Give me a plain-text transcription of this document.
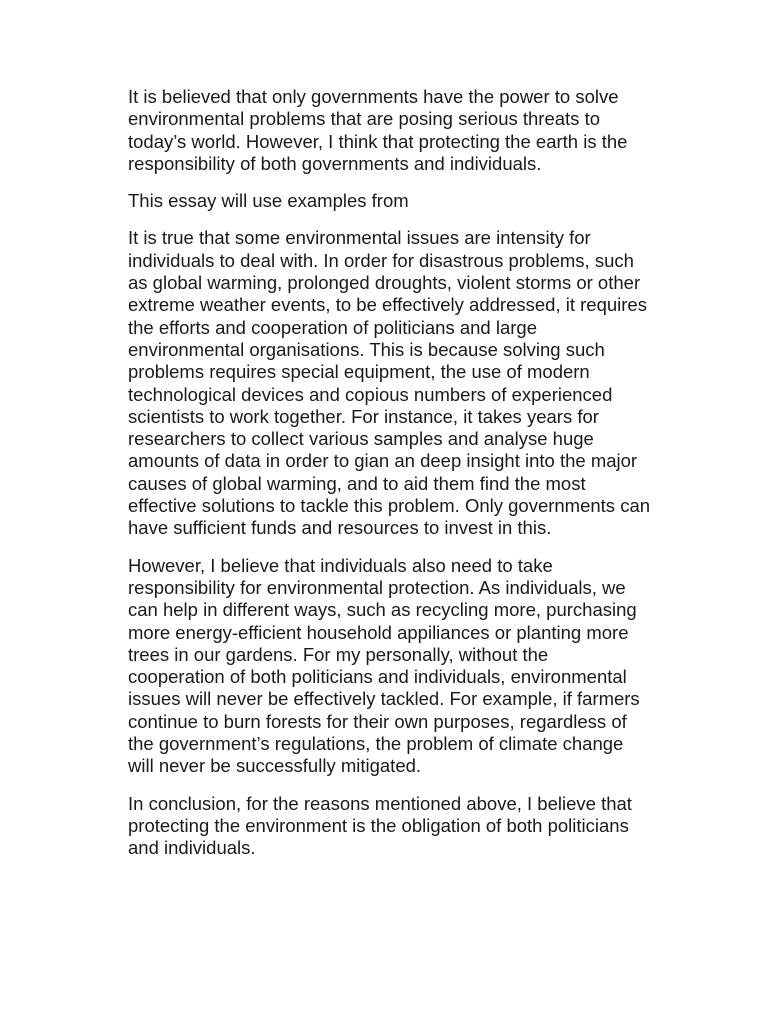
It is believed that only governments have the power to solve
environmental problems that are posing serious threats to
today’s world. However, I think that protecting the earth is the
responsibility of both governments and individuals.

This essay will use examples from

It is true that some environmental issues are intensity for
individuals to deal with. In order for disastrous problems, such
as global warming, prolonged droughts, violent storms or other
extreme weather events, to be effectively addressed, it requires
the efforts and cooperation of politicians and large
environmental organisations. This is because solving such
problems requires special equipment, the use of modern
technological devices and copious numbers of experienced
scientists to work together. For instance, it takes years for
researchers to collect various samples and analyse huge
amounts of data in order to gian an deep insight into the major
causes of global warming, and to aid them find the most
effective solutions to tackle this problem. Only governments can
have sufficient funds and resources to invest in this.

However, I believe that individuals also need to take
responsibility for environmental protection. As individuals, we
can help in different ways, such as recycling more, purchasing
more energy-efficient household appiliances or planting more
trees in our gardens. For my personally, without the
cooperation of both politicians and individuals, environmental
issues will never be effectively tackled. For example, if farmers
continue to burn forests for their own purposes, regardless of
the government’s regulations, the problem of climate change
will never be successfully mitigated.

In conclusion, for the reasons mentioned above, I believe that
protecting the environment is the obligation of both politicians
and individuals.
